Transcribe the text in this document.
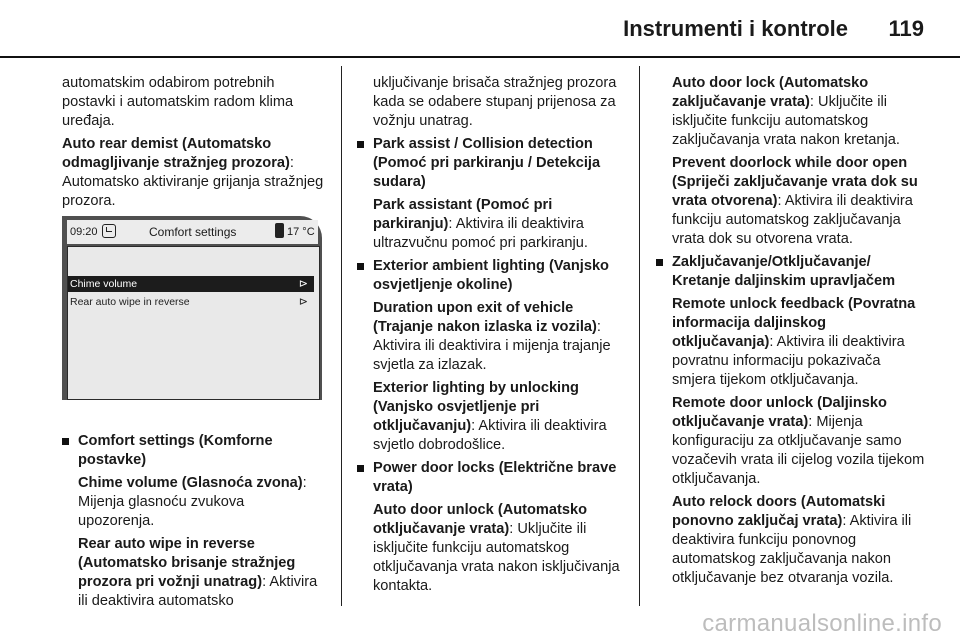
Instrumenti i kontrole 119

automatskim odabirom potrebnih postavki i automatskim radom klima uređaja.

Auto rear demist (Automatsko odmagljivanje stražnjeg prozora): Automatsko aktiviranje grijanja stražnjeg prozora.

09:20	Comfort settings	17 °C
Chime volume	⊳
Rear auto wipe in reverse	⊳

Comfort settings (Komforne postavke)

Chime volume (Glasnoća zvona): Mijenja glasnoću zvukova upozorenja.

Rear auto wipe in reverse (Automatsko brisanje stražnjeg prozora pri vožnji unatrag): Aktivira ili deaktivira automatsko

uključivanje brisača stražnjeg prozora kada se odabere stupanj prijenosa za vožnju unatrag.

Park assist / Collision detection (Pomoć pri parkiranju / Detekcija sudara)

Park assistant (Pomoć pri parkiranju): Aktivira ili deaktivira ultrazvučnu pomoć pri parkiranju.

Exterior ambient lighting (Vanjsko osvjetljenje okoline)

Duration upon exit of vehicle (Trajanje nakon izlaska iz vozila): Aktivira ili deaktivira i mijenja trajanje svjetla za izlazak.

Exterior lighting by unlocking (Vanjsko osvjetljenje pri otključavanju): Aktivira ili deaktivira svjetlo dobrodošlice.

Power door locks (Električne brave vrata)

Auto door unlock (Automatsko otključavanje vrata): Uključite ili isključite funkciju automatskog otključavanja vrata nakon isključivanja kontakta.

Auto door lock (Automatsko zaključavanje vrata): Uključite ili isključite funkciju automatskog zaključavanja vrata nakon kretanja.

Prevent doorlock while door open (Spriječi zaključavanje vrata dok su vrata otvorena): Aktivira ili deaktivira funkciju automatskog zaključavanja vrata dok su otvorena vrata.

Zaključavanje/Otključavanje/ Kretanje daljinskim upravljačem

Remote unlock feedback (Povratna informacija daljinskog otključavanja): Aktivira ili deaktivira povratnu informaciju pokazivača smjera tijekom otključavanja.

Remote door unlock (Daljinsko otključavanje vrata): Mijenja konfiguraciju za otključavanje samo vozačevih vrata ili cijelog vozila tijekom otključavanja.

Auto relock doors (Automatski ponovno zaključaj vrata): Aktivira ili deaktivira funkciju ponovnog automatskog zaključavanja nakon otključavanje bez otvaranja vozila.

carmanualsonline.info
